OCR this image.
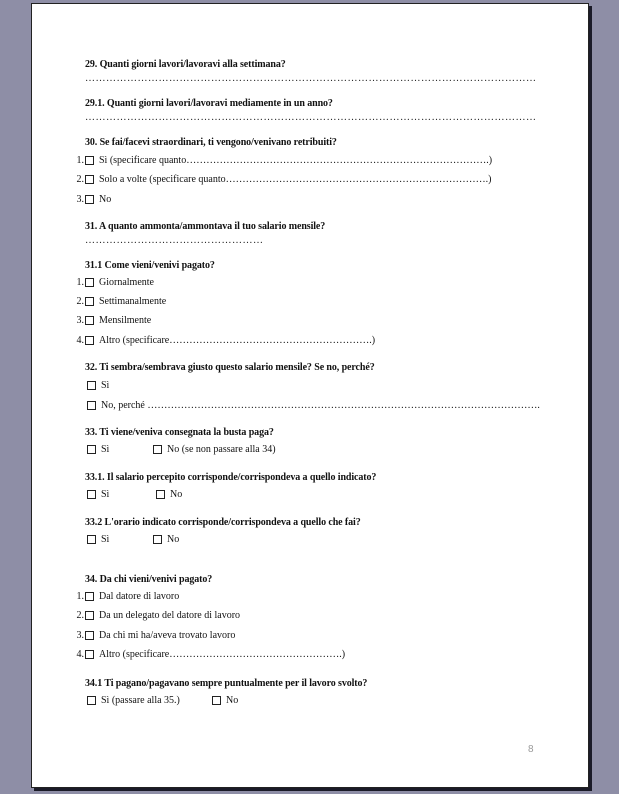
29. Quanti giorni lavori/lavoravi alla settimana?
…………………………………………………………………………………………………………………
29.1. Quanti giorni lavori/lavoravi mediamente in un anno?
…………………………………………………………………………………………………………………
30. Se fai/facevi straordinari, ti vengono/venivano retribuiti?
1. Sì (specificare quanto……………………………………………………………………………….)
2. Solo a volte (specificare quanto…………………………………………………………………….)
3. No
31. A quanto ammonta/ammontava il tuo salario mensile?
……………………………………………
31.1 Come vieni/venivi pagato?
1. Giornalmente
2. Settimanalmente
3. Mensilmente
4. Altro (specificare…………………………………………………….)
32. Ti sembra/sembrava giusto questo salario mensile? Se no, perché?
Sì
No, perché ……………………………………………………………………………………………………….
33. Ti viene/veniva consegnata la busta paga?
Sì	No (se non passare alla 34)
33.1. Il salario percepito corrisponde/corrispondeva a quello indicato?
Sì	No
33.2 L'orario indicato corrisponde/corrispondeva a quello che fai?
Sì	No
34. Da chi vieni/venivi pagato?
1. Dal datore di lavoro
2. Da un delegato del datore di lavoro
3. Da chi mi ha/aveva trovato lavoro
4. Altro (specificare…………………………………………….)
34.1 Ti pagano/pagavano sempre puntualmente per il lavoro svolto?
Sì (passare alla 35.)	No
8
